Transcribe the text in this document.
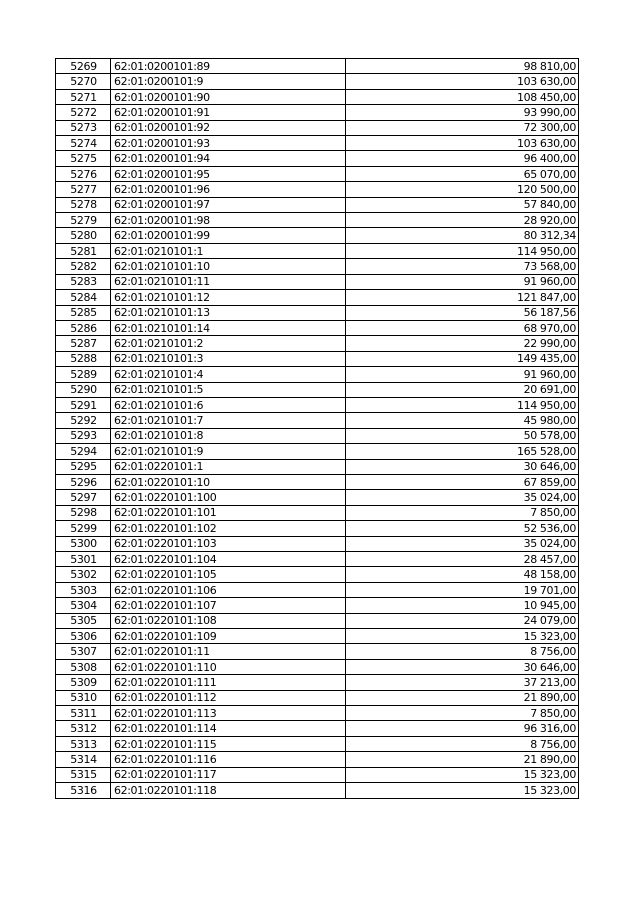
5269	62:01:0200101:89	98 810,00
5270	62:01:0200101:9	103 630,00
5271	62:01:0200101:90	108 450,00
5272	62:01:0200101:91	93 990,00
5273	62:01:0200101:92	72 300,00
5274	62:01:0200101:93	103 630,00
5275	62:01:0200101:94	96 400,00
5276	62:01:0200101:95	65 070,00
5277	62:01:0200101:96	120 500,00
5278	62:01:0200101:97	57 840,00
5279	62:01:0200101:98	28 920,00
5280	62:01:0200101:99	80 312,34
5281	62:01:0210101:1	114 950,00
5282	62:01:0210101:10	73 568,00
5283	62:01:0210101:11	91 960,00
5284	62:01:0210101:12	121 847,00
5285	62:01:0210101:13	56 187,56
5286	62:01:0210101:14	68 970,00
5287	62:01:0210101:2	22 990,00
5288	62:01:0210101:3	149 435,00
5289	62:01:0210101:4	91 960,00
5290	62:01:0210101:5	20 691,00
5291	62:01:0210101:6	114 950,00
5292	62:01:0210101:7	45 980,00
5293	62:01:0210101:8	50 578,00
5294	62:01:0210101:9	165 528,00
5295	62:01:0220101:1	30 646,00
5296	62:01:0220101:10	67 859,00
5297	62:01:0220101:100	35 024,00
5298	62:01:0220101:101	7 850,00
5299	62:01:0220101:102	52 536,00
5300	62:01:0220101:103	35 024,00
5301	62:01:0220101:104	28 457,00
5302	62:01:0220101:105	48 158,00
5303	62:01:0220101:106	19 701,00
5304	62:01:0220101:107	10 945,00
5305	62:01:0220101:108	24 079,00
5306	62:01:0220101:109	15 323,00
5307	62:01:0220101:11	8 756,00
5308	62:01:0220101:110	30 646,00
5309	62:01:0220101:111	37 213,00
5310	62:01:0220101:112	21 890,00
5311	62:01:0220101:113	7 850,00
5312	62:01:0220101:114	96 316,00
5313	62:01:0220101:115	8 756,00
5314	62:01:0220101:116	21 890,00
5315	62:01:0220101:117	15 323,00
5316	62:01:0220101:118	15 323,00
